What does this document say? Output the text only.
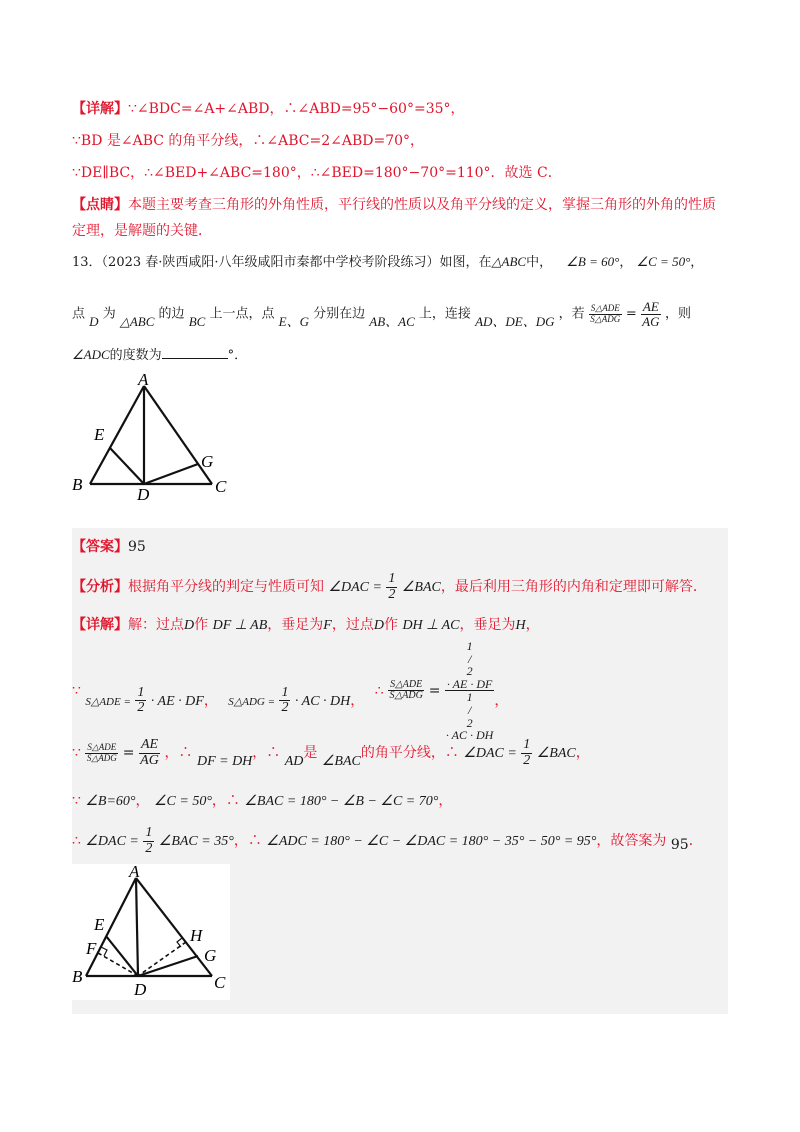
【详解】∵∠BDC=∠A+∠ABD，∴∠ABD=95°−60°=35°，
∵BD 是∠ABC 的角平分线，∴∠ABC=2∠ABD=70°，
∵DE∥BC，∴∠BED+∠ABC=180°，∴∠BED=180°−70°=110°．故选 C．
【点睛】本题主要考查三角形的外角性质，平行线的性质以及角平分线的定义，掌握三角形的外角的性质
定理，是解题的关键．
13．（2023 春·陕西咸阳·八年级咸阳市秦都中学校考阶段练习）如图，在△ABC中， ∠B = 60°， ∠C = 50°，
点 D 为 △ABC 的边 BC 上一点，点 E、G 分别在边 AB、AC 上，连接 AD、DE、DG ，若 $\frac{\text{S△ADE}}{\text{S△ADG}} = \frac{AE}{AG}$ ，则
∠ADC的度数为	°．
A
B	C
D
E
G
【答案】95
【分析】根据角平分线的判定与性质可知 ∠DAC = $\frac{1}{2}$ ∠BAC，最后利用三角形的内角和定理即可解答．
【详解】解：过点D作 DF ⊥ AB，垂足为F，过点D作 DH ⊥ AC，垂足为H，
∵ S△ADE = $\frac{1}{2}$ · AE · DF， S△ADG = $\frac{1}{2}$ · AC · DH， ∴ $\frac{\text{S△ADE}}{\text{S△ADG}} = 1$
/
2
· AE · DF
1
/
2
· AC · DH ，
∵ $\frac{\text{S△ADE}}{\text{S△ADG}} = \frac{AE}{AG}$ ，∴ DF = DH，∴ AD是 ∠BAC的角平分线，∴ ∠DAC = $\frac{1}{2}$ ∠BAC，
∵ ∠B=60°， ∠C = 50°，∴ ∠BAC = 180° − ∠B − ∠C = 70°，
∴ ∠DAC = $\frac{1}{2}$ ∠BAC = 35°，∴ ∠ADC = 180° − ∠C − ∠DAC = 180° − 35° − 50° = 95°，故答案为 95．
A
B	C
D
E
F	G
H
